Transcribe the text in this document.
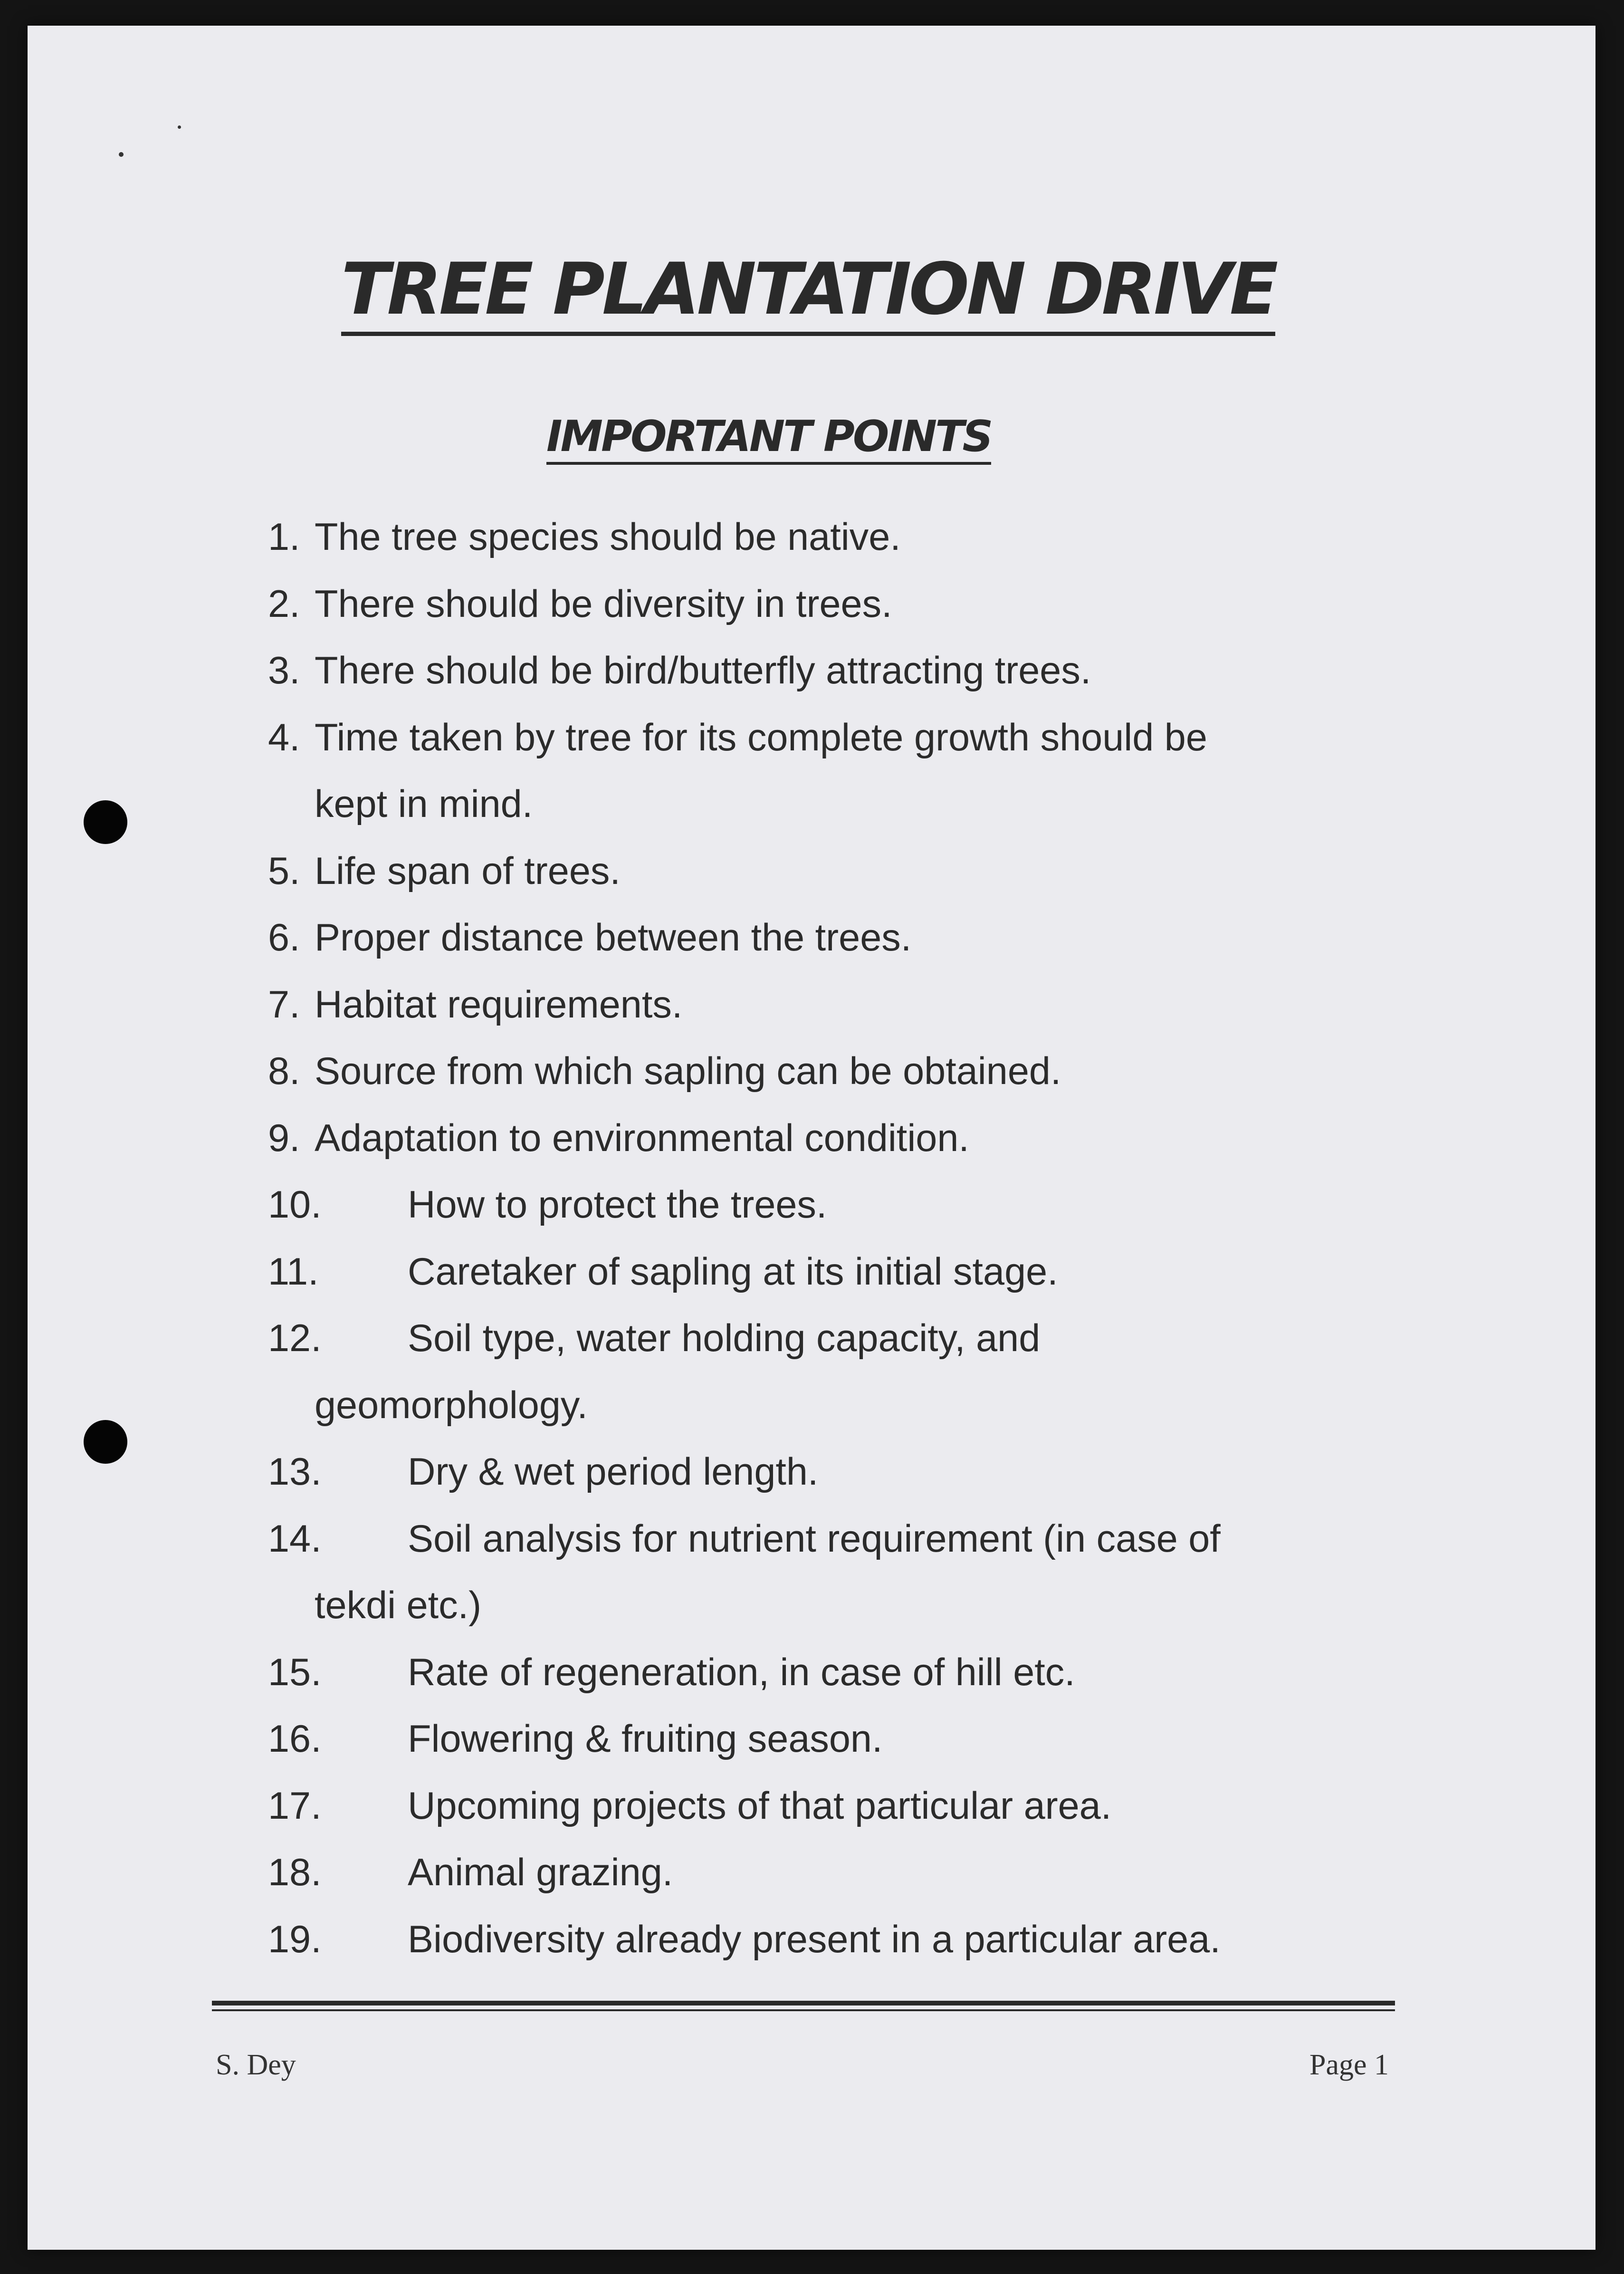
TREE PLANTATION DRIVE
IMPORTANT POINTS
1. The tree species should be native.
2. There should be diversity in trees.
3. There should be bird/butterfly attracting trees.
4. Time taken by tree for its complete growth should be
kept in mind.
5. Life span of trees.
6. Proper distance between the trees.
7. Habitat requirements.
8. Source from which sapling can be obtained.
9. Adaptation to environmental condition.
10. How to protect the trees.
11. Caretaker of sapling at its initial stage.
12. Soil type, water holding capacity, and
geomorphology.
13. Dry & wet period length.
14. Soil analysis for nutrient requirement (in case of
tekdi etc.)
15. Rate of regeneration, in case of hill etc.
16. Flowering & fruiting season.
17. Upcoming projects of that particular area.
18. Animal grazing.
19. Biodiversity already present in a particular area.
S. Dey	Page 1
